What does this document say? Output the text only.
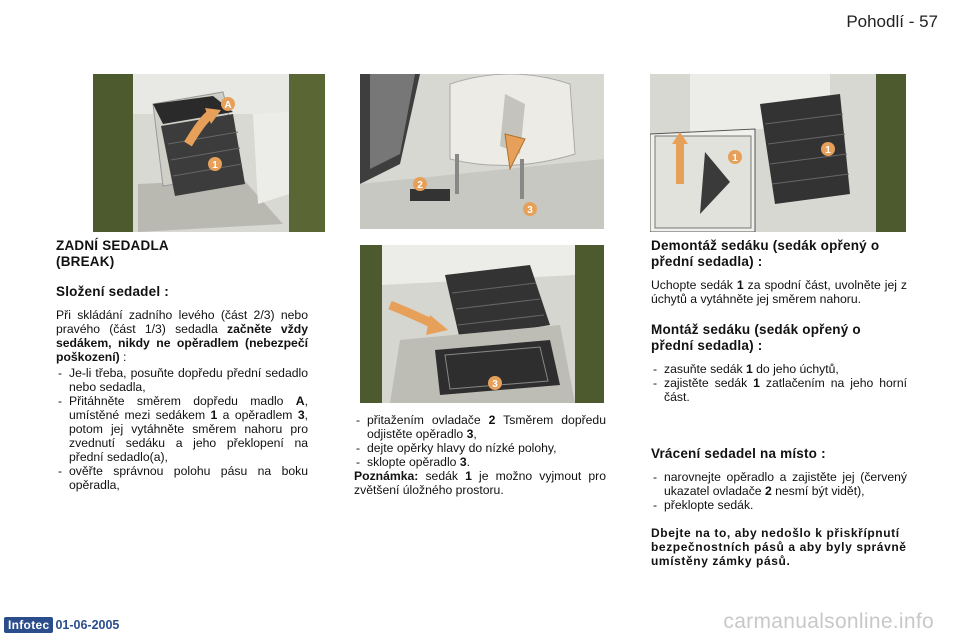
Pohodlí - 57
A
1
2
3
3
1
1
ZADNÍ SEDADLA
(BREAK)
Složení sedadel :
Při skládání zadního levého (část 2/3) nebo pravého (část 1/3) sedadla začněte vždy sedákem, nikdy ne opěradlem (nebezpečí poškození) :
- Je-li třeba, posuňte dopředu přední sedadlo nebo sedadla,
- Přitáhněte směrem dopředu madlo A, umístěné mezi sedákem 1 a opěradlem 3, potom jej vytáhněte směrem nahoru pro zvednutí sedáku a jeho překlopení na přední sedadlo(a),
- ověřte správnou polohu pásu na boku opěradla,
- přitažením ovladače 2 Tsměrem dopředu odjistěte opěradlo 3,
- dejte opěrky hlavy do nízké polohy,
- sklopte opěradlo 3.
Poznámka: sedák 1 je možno vyjmout pro zvětšení úložného prostoru.
Demontáž sedáku (sedák opřený o přední sedadla) :
Uchopte sedák 1 za spodní část, uvolněte jej z úchytů a vytáhněte jej směrem nahoru.
Montáž sedáku (sedák opřený o přední sedadla) :
- zasuňte sedák 1 do jeho úchytů,
- zajistěte sedák 1 zatlačením na jeho horní část.
Vrácení sedadel na místo :
- narovnejte opěradlo a zajistěte jej (červený ukazatel ovladače 2 nesmí být vidět),
- překlopte sedák.
Dbejte na to, aby nedošlo k přiskřípnutí bezpečnostních pásů a aby byly správně umístěny zámky pásů.
Infotec 01-06-2005	carmanualsonline.info
